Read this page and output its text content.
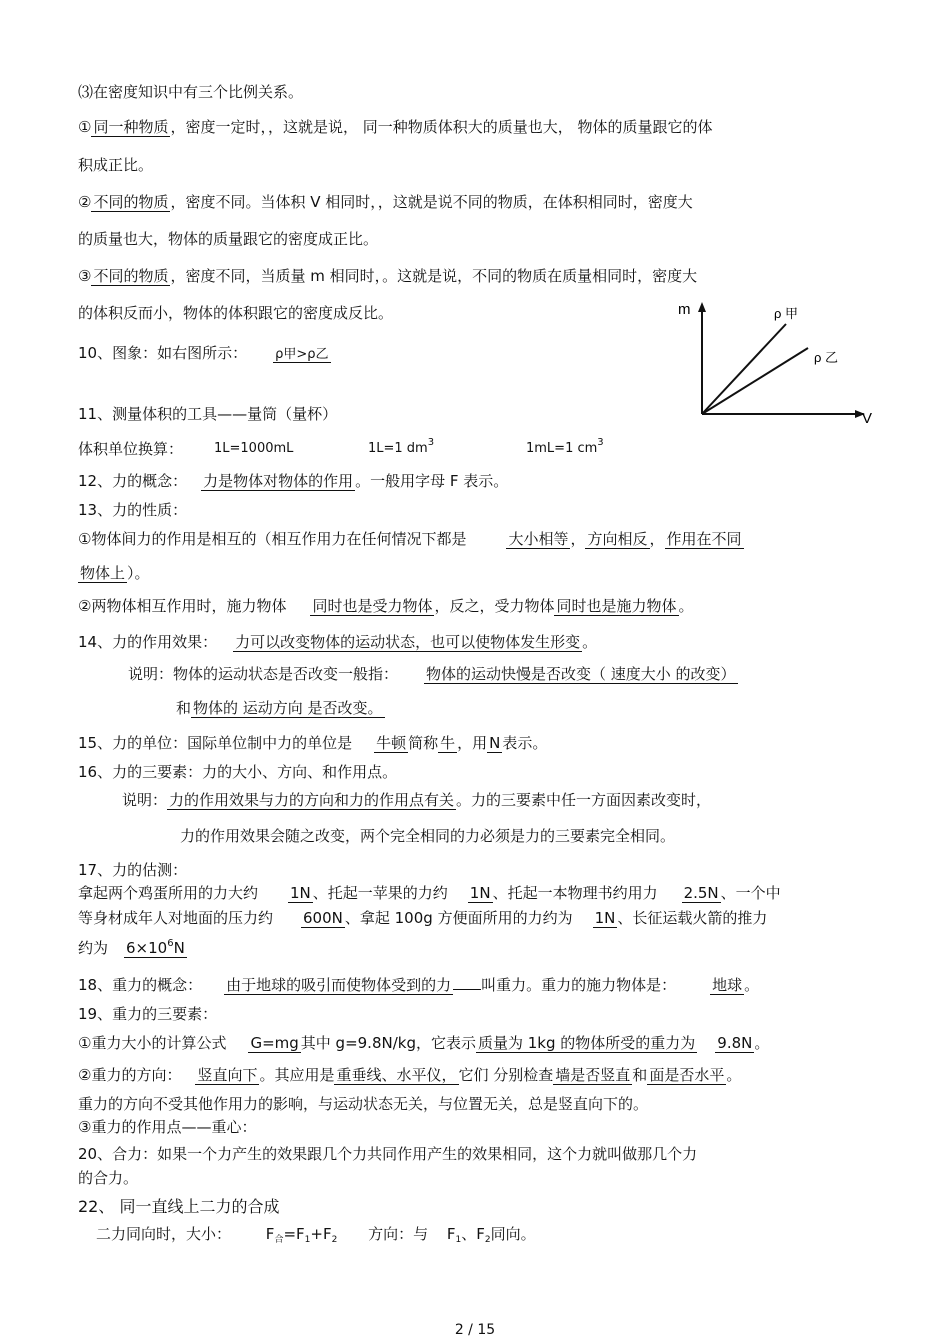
⑶在密度知识中有三个比例关系。
① 同一种物质 ，密度一定时，，这就是说， 同一种物质体积大的质量也大， 物体的质量跟它的体
积成正比。
② 不同的物质 ，密度不同。当体积 V 相同时，，这就是说不同的物质，在体积相同时，密度大
的质量也大，物体的质量跟它的密度成正比。
③ 不同的物质 ，密度不同，当质量 m 相同时，。这就是说，不同的物质在质量相同时，密度大
的体积反而小，物体的体积跟它的密度成反比。
10、图象：如右图所示： ρ甲>ρ乙
m
V
ρ 甲
ρ 乙
11、测量体积的工具——量筒（量杯）
体积单位换算： 1L=1000mL	1L=1 $dm^3$	1mL=1 $cm^3$
12、力的概念： 力是物体对物体的作用 。一般用字母 F 表示。
13、力的性质：
①物体间力的作用是相互的（相互作用力在任何情况下都是	大小相等 ， 方向相反 ， 作用在不同
物体上 ）。
②两物体相互作用时，施力物体 同时也是受力物体 ，反之，受力物体 同时也是施力物体 。
14、力的作用效果： 力可以改变物体的运动状态，也可以使物体发生形变 。
说明：物体的运动状态是否改变一般指： 物体的运动快慢是否改变（ 速度大小 的改变）
和 物体的 运动方向 是否改变。
15、力的单位：国际单位制中力的单位是 牛顿 简称 牛 ，用 N 表示。
16、力的三要素：力的大小、方向、和作用点。
说明： 力的作用效果与力的方向和力的作用点有关 。力的三要素中任一方面因素改变时，
力的作用效果会随之改变，两个完全相同的力必须是力的三要素完全相同。
17、力的估测：
拿起两个鸡蛋所用的力大约 1N 、托起一苹果的力约 1N 、托起一本物理书约用力 2.5N 、一个中
等身材成年人对地面的压力约 600N 、拿起 100g 方便面所用的力约为 1N 、长征运载火箭的推力
约为 $6\times 10^6N$
18、重力的概念： 由于地球的吸引而使物体受到的力 叫重力。重力的施力物体是： 地球 。
19、重力的三要素：
①重力大小的计算公式 G=mg 其中 g=9.8N/kg，它表示 质量为 1kg 的物体所受的重力为 9.8N 。
②重力的方向： 竖直向下 。其应用是 重垂线、水平仪， 它们 分别检查 墙是否竖直 和 面是否水平 。
重力的方向不受其他作用力的影响，与运动状态无关，与位置无关，总是竖直向下的。
③重力的作用点——重心：
20、合力：如果一个力产生的效果跟几个力共同作用产生的效果相同，这个力就叫做那几个力
的合力。
22、 同一直线上二力的合成
二力同向时，大小： $F_合=F_1+F_2$ 方向：与 $F_1$、$F_2$同向。
2 / 15
